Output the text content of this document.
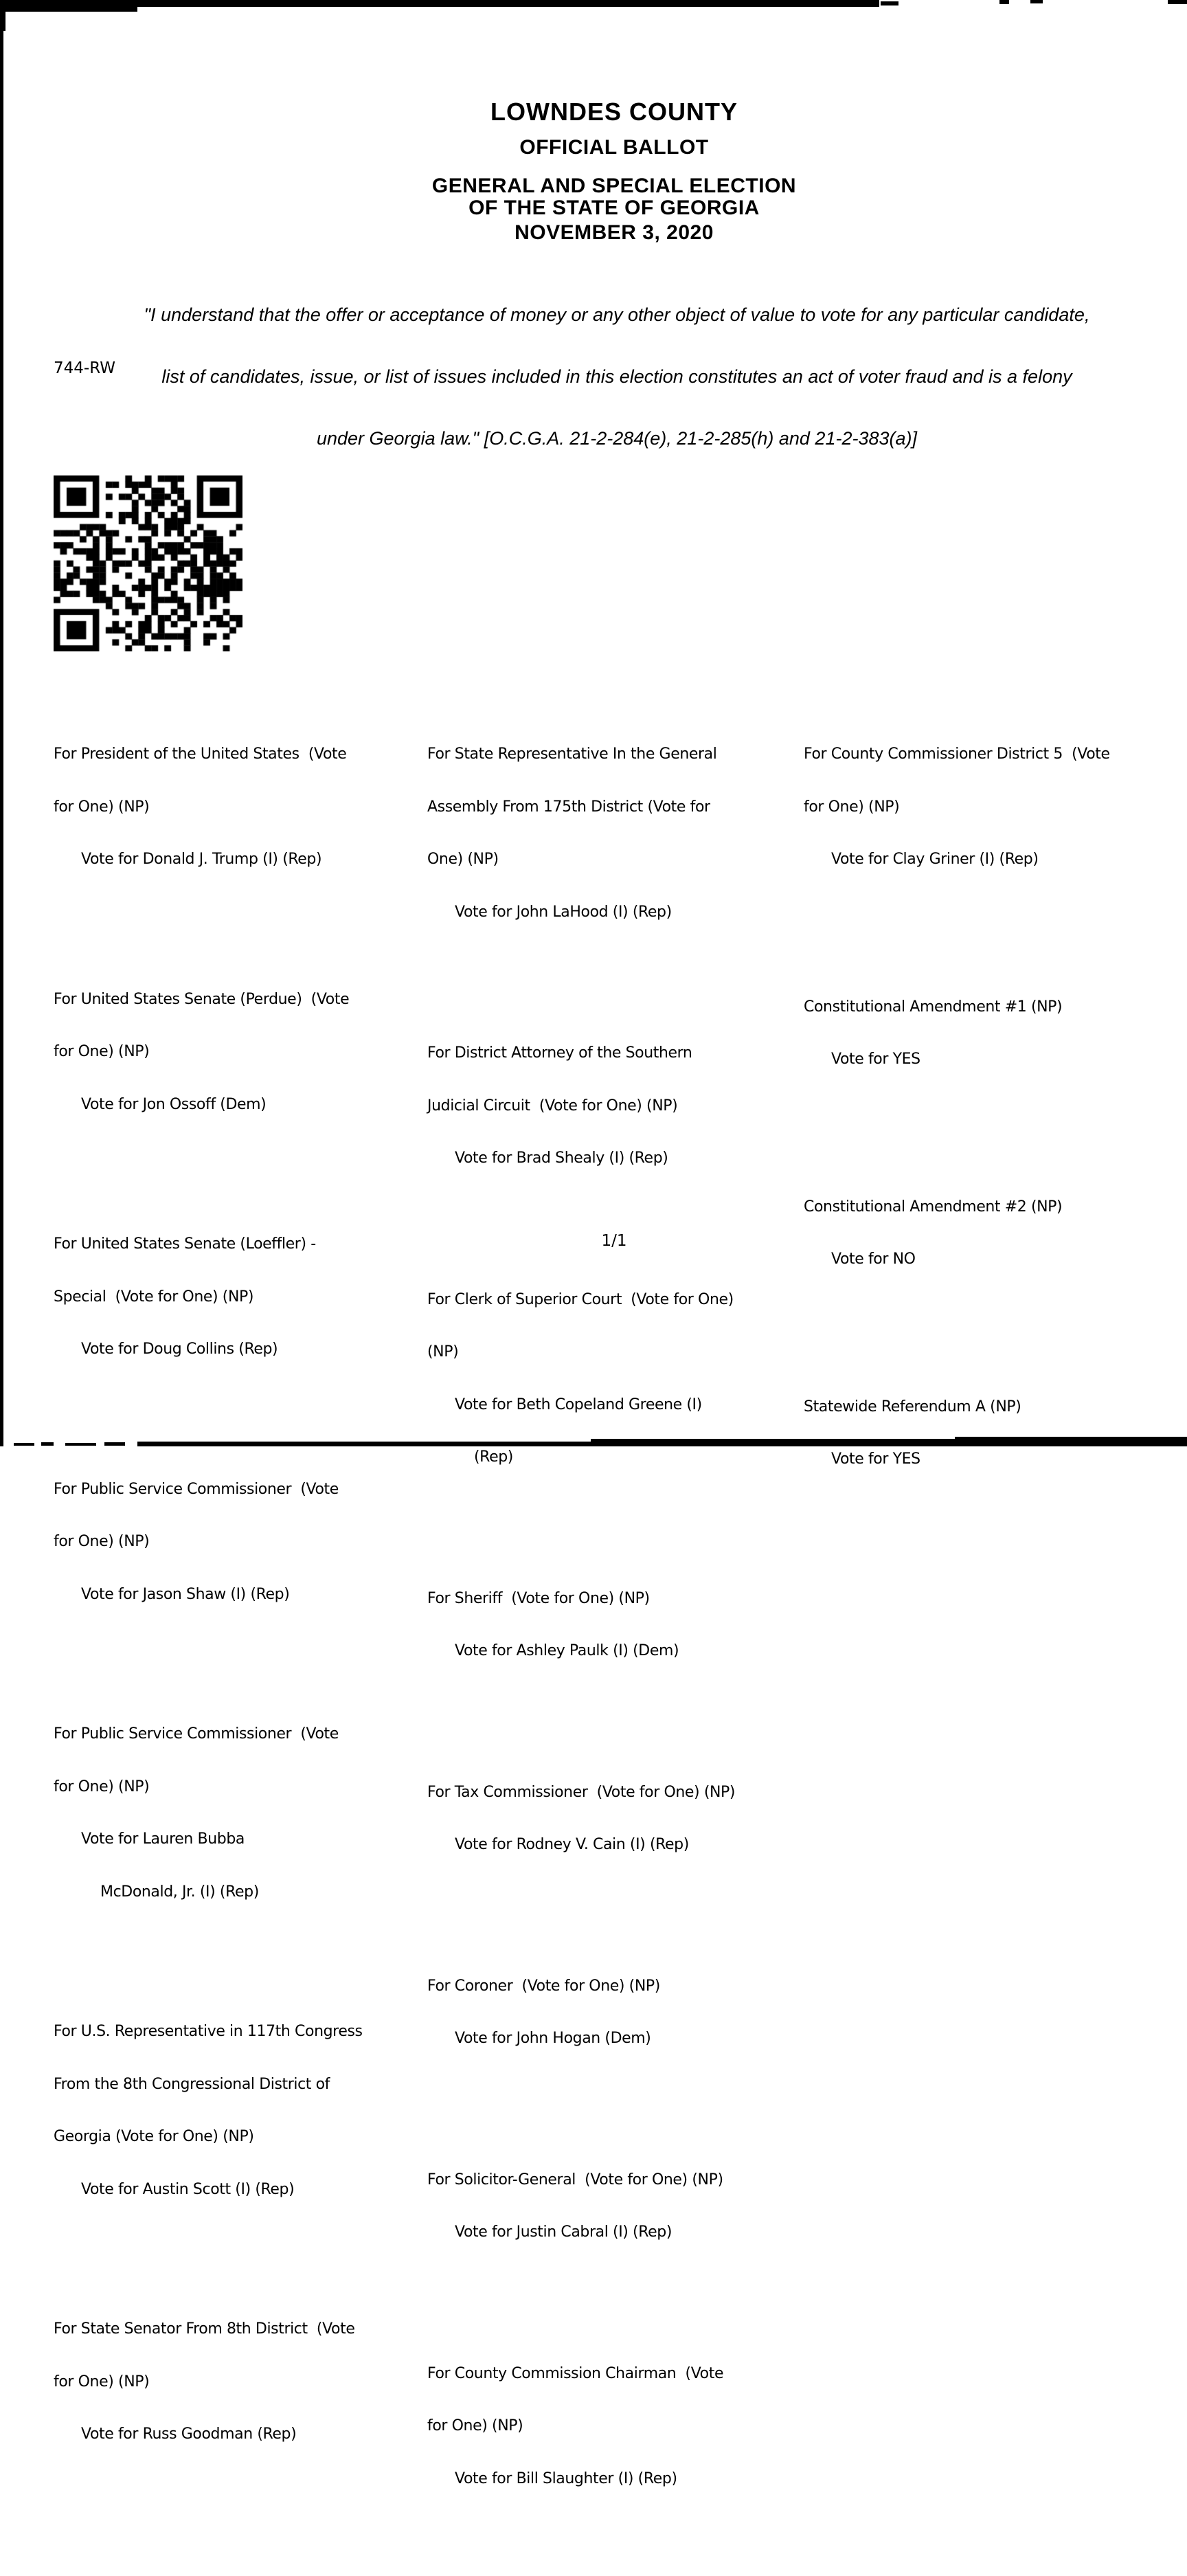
LOWNDES COUNTY
OFFICIAL BALLOT
GENERAL AND SPECIAL ELECTION
OF THE STATE OF GEORGIA
NOVEMBER 3, 2020

"I understand that the offer or acceptance of money or any other object of value to vote for any particular candidate,

list of candidates, issue, or list of issues included in this election constitutes an act of voter fraud and is a felony

under Georgia law." [O.C.G.A. 21-2-284(e), 21-2-285(h) and 21-2-383(a)]

744-RW

For President of the United States  (Vote

for One) (NP)

Vote for Donald J. Trump (I) (Rep)

For United States Senate (Perdue)  (Vote

for One) (NP)

Vote for Jon Ossoff (Dem)

For United States Senate (Loeffler) -

Special  (Vote for One) (NP)

Vote for Doug Collins (Rep)

For Public Service Commissioner  (Vote

for One) (NP)

Vote for Jason Shaw (I) (Rep)

For Public Service Commissioner  (Vote

for One) (NP)

Vote for Lauren Bubba

McDonald, Jr. (I) (Rep)

For U.S. Representative in 117th Congress

From the 8th Congressional District of

Georgia (Vote for One) (NP)

Vote for Austin Scott (I) (Rep)

For State Senator From 8th District  (Vote

for One) (NP)

Vote for Russ Goodman (Rep)

For State Representative In the General

Assembly From 175th District (Vote for

One) (NP)

Vote for John LaHood (I) (Rep)

For District Attorney of the Southern

Judicial Circuit  (Vote for One) (NP)

Vote for Brad Shealy (I) (Rep)

For Clerk of Superior Court  (Vote for One)

(NP)

Vote for Beth Copeland Greene (I)

(Rep)

For Sheriff  (Vote for One) (NP)

Vote for Ashley Paulk (I) (Dem)

For Tax Commissioner  (Vote for One) (NP)

Vote for Rodney V. Cain (I) (Rep)

For Coroner  (Vote for One) (NP)

Vote for John Hogan (Dem)

For Solicitor-General  (Vote for One) (NP)

Vote for Justin Cabral (I) (Rep)

For County Commission Chairman  (Vote

for One) (NP)

Vote for Bill Slaughter (I) (Rep)

For County Commissioner District 5  (Vote

for One) (NP)

Vote for Clay Griner (I) (Rep)

Constitutional Amendment #1 (NP)

Vote for YES

Constitutional Amendment #2 (NP)

Vote for NO

Statewide Referendum A (NP)

Vote for YES

1/1
